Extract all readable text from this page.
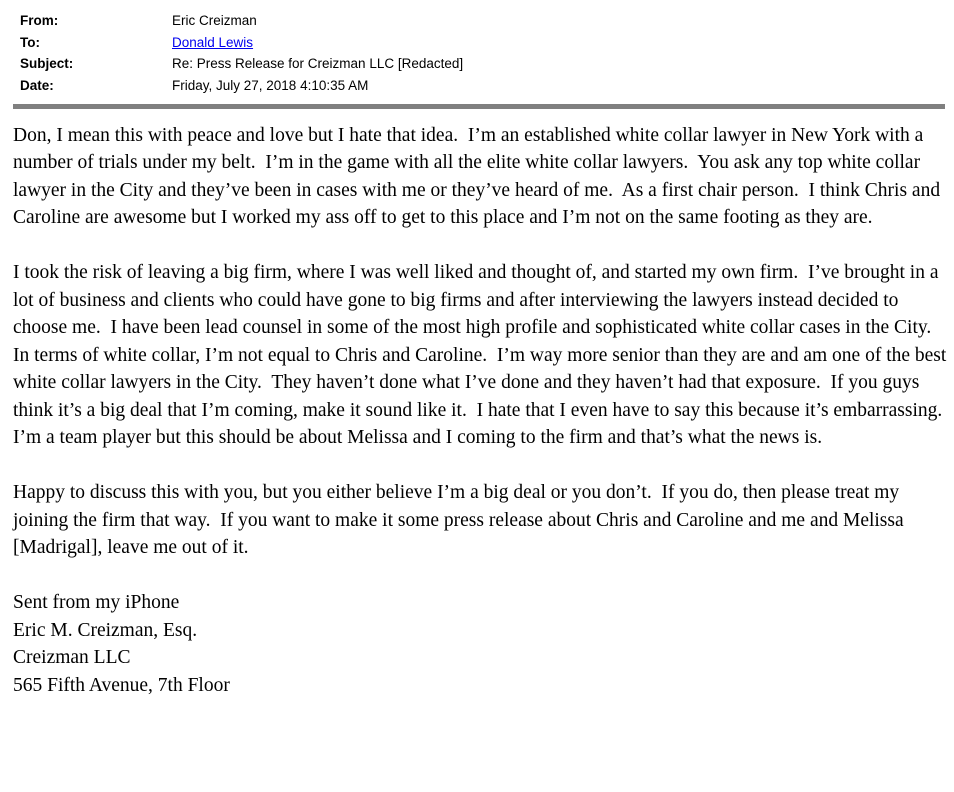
From:	Eric Creizman
To:	Donald Lewis
Subject:	Re: Press Release for Creizman LLC [Redacted]
Date:	Friday, July 27, 2018 4:10:35 AM

Don, I mean this with peace and love but I hate that idea.  I’m an established white collar lawyer in New York with a number of trials under my belt.  I’m in the game with all the elite white collar lawyers.  You ask any top white collar lawyer in the City and they’ve been in cases with me or they’ve heard of me.  As a first chair person.  I think Chris and Caroline are awesome but I worked my ass off to get to this place and I’m not on the same footing as they are.

I took the risk of leaving a big firm, where I was well liked and thought of, and started my own firm.  I’ve brought in a lot of business and clients who could have gone to big firms and after interviewing the lawyers instead decided to choose me.  I have been lead counsel in some of the most high profile and sophisticated white collar cases in the City.  In terms of white collar, I’m not equal to Chris and Caroline.  I’m way more senior than they are and am one of the best white collar lawyers in the City.  They haven’t done what I’ve done and they haven’t had that exposure.  If you guys think it’s a big deal that I’m coming, make it sound like it.  I hate that I even have to say this because it’s embarrassing.  I’m a team player but this should be about Melissa and I coming to the firm and that’s what the news is.

Happy to discuss this with you, but you either believe I’m a big deal or you don’t.  If you do, then please treat my joining the firm that way.  If you want to make it some press release about Chris and Caroline and me and Melissa [Madrigal], leave me out of it.

Sent from my iPhone
Eric M. Creizman, Esq.
Creizman LLC
565 Fifth Avenue, 7th Floor
